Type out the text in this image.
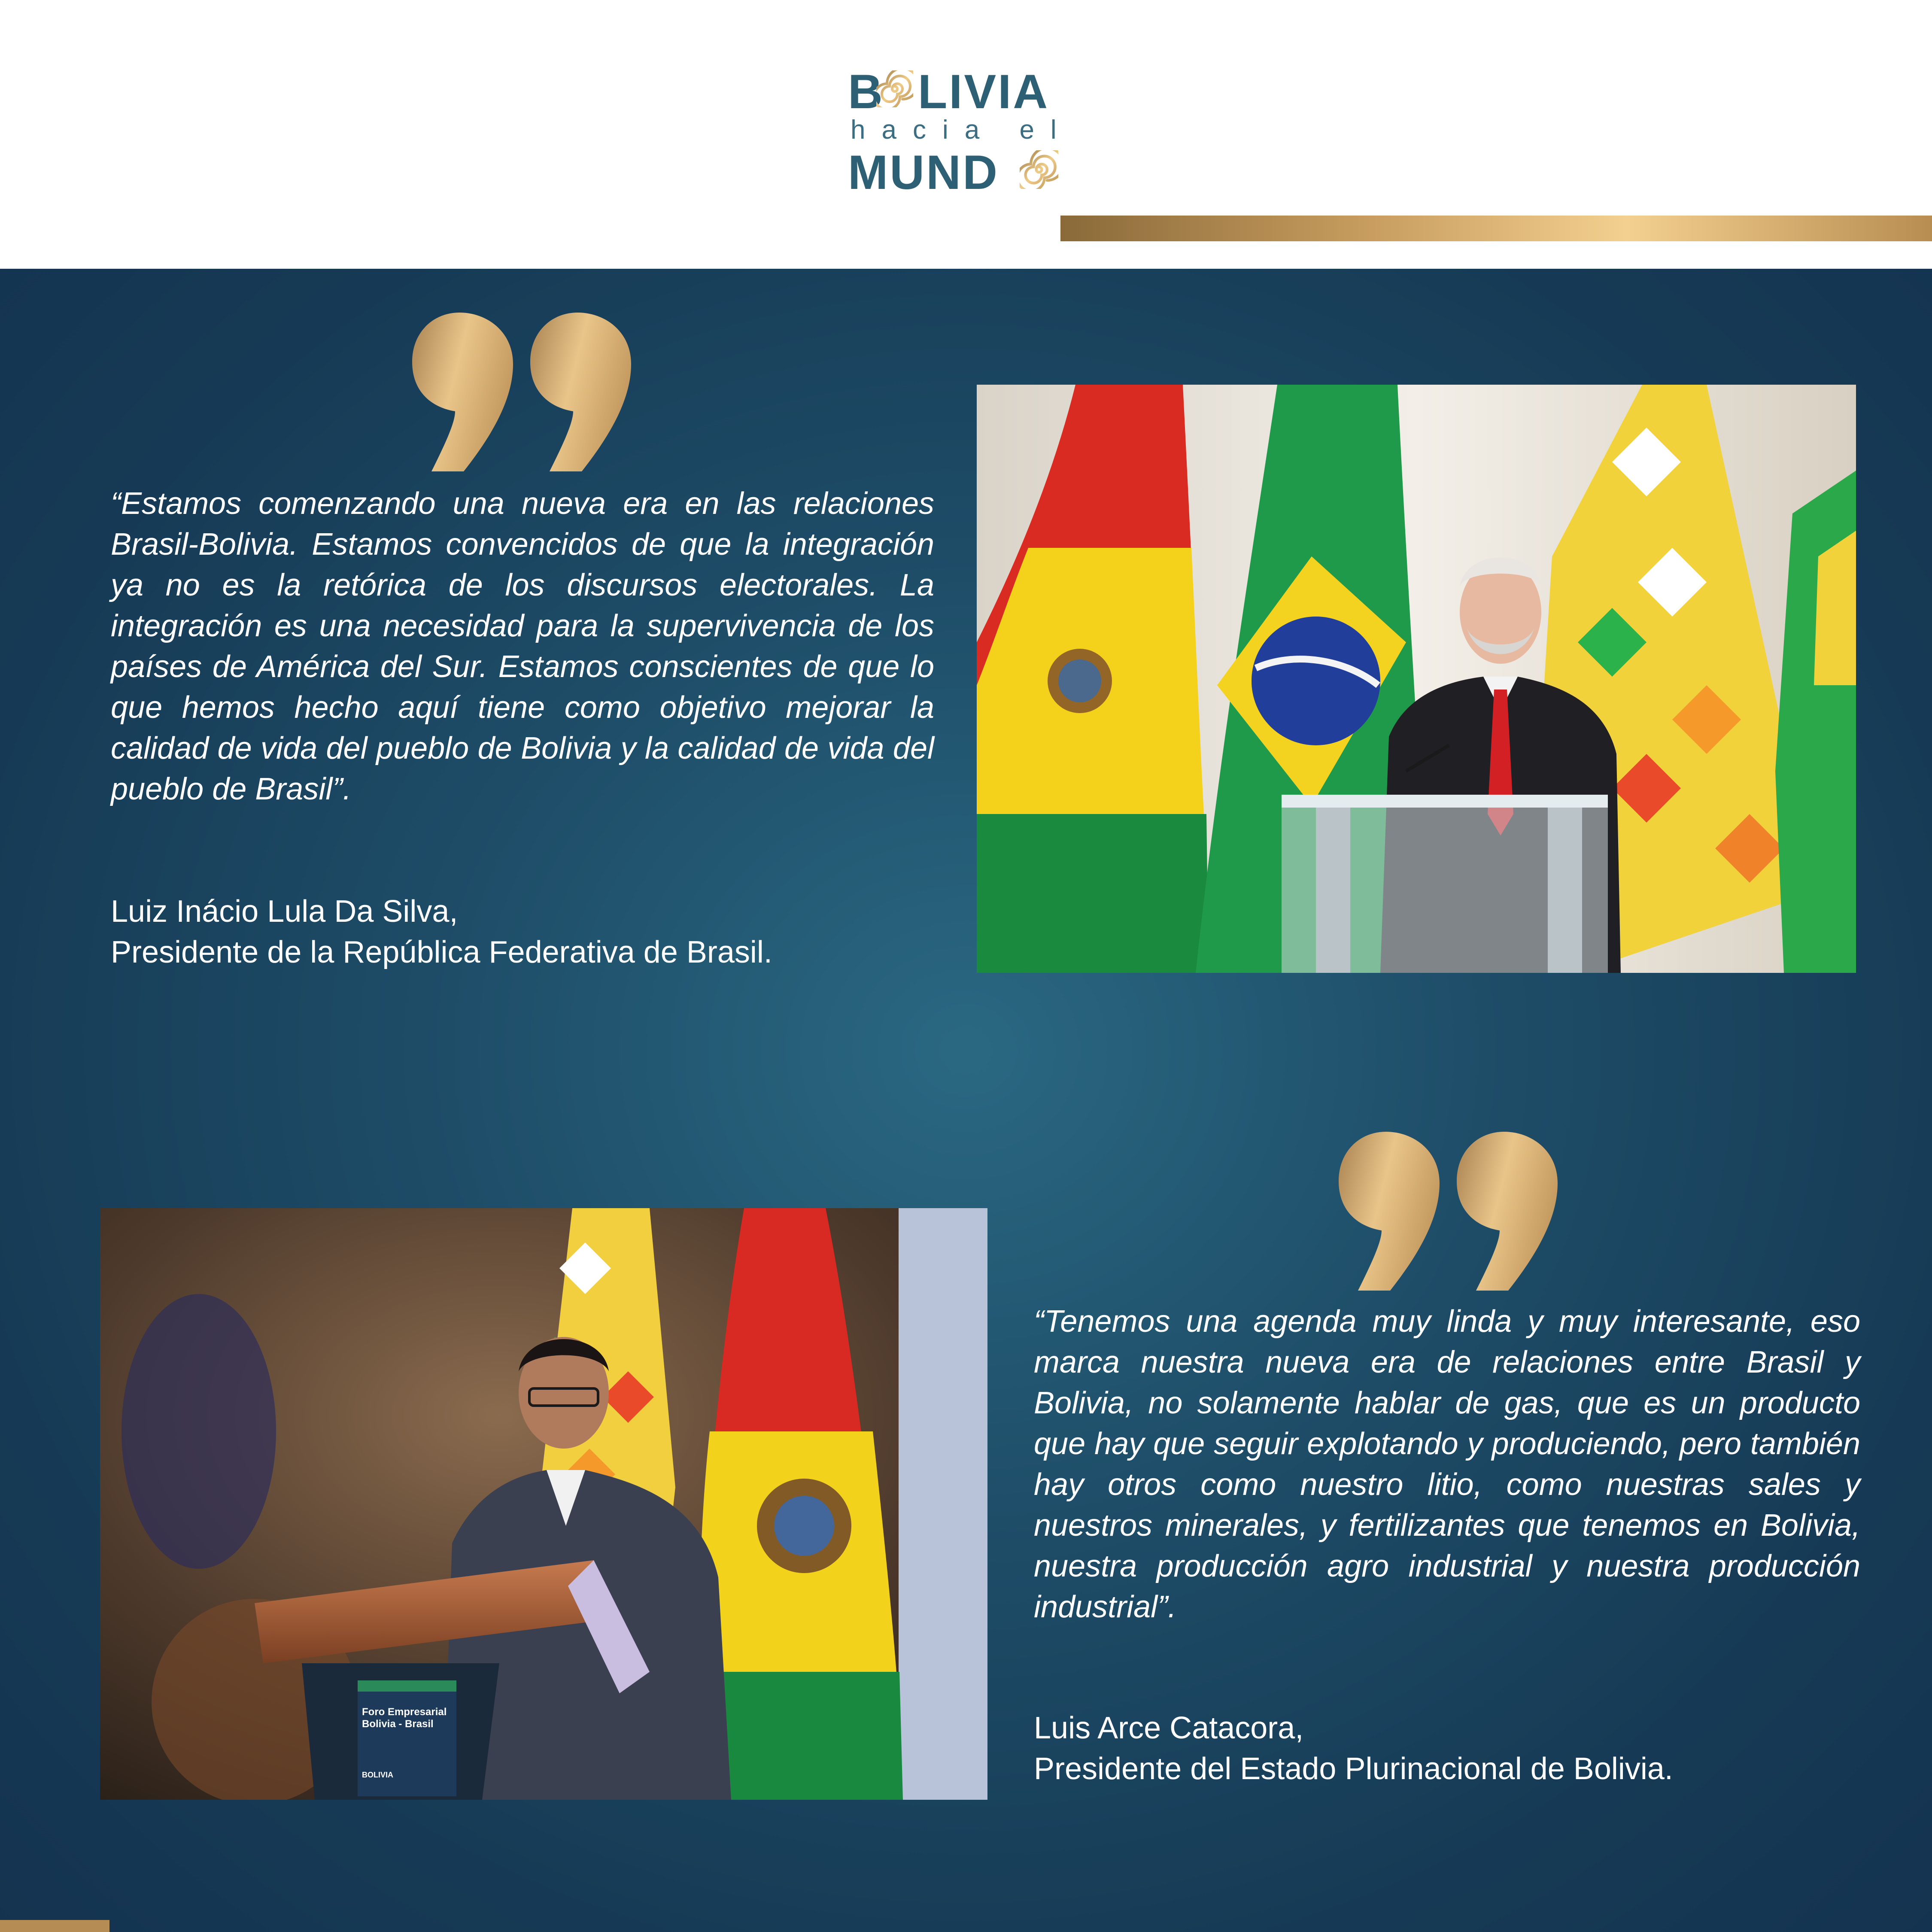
B LIVIA
hacia el
MUND

“Estamos comenzando una nueva era en las relaciones Brasil-Bolivia. Estamos convencidos de que la integración ya no es la retórica de los discursos electorales. La integración es una necesidad para la supervivencia de los países de América del Sur. Estamos conscientes de que lo que hemos hecho aquí tiene como objetivo mejorar la calidad de vida del pueblo de Bolivia y la calidad de vida del pueblo de Brasil”.

Luiz Inácio Lula Da Silva,
Presidente de la República Federativa de Brasil.
Foro Empresarial
Bolivia - Brasil
BOLIVIA

“Tenemos una agenda muy linda y muy interesante, eso marca nuestra nueva era de relaciones entre Brasil y Bolivia, no solamente hablar de gas, que es un producto que hay que seguir explotando y produciendo, pero también hay otros como nuestro litio, como nuestras sales y nuestros minerales, y fertilizantes que tenemos en Bolivia, nuestra producción agro industrial y nuestra producción industrial”.

Luis Arce Catacora,
Presidente del Estado Plurinacional de Bolivia.
